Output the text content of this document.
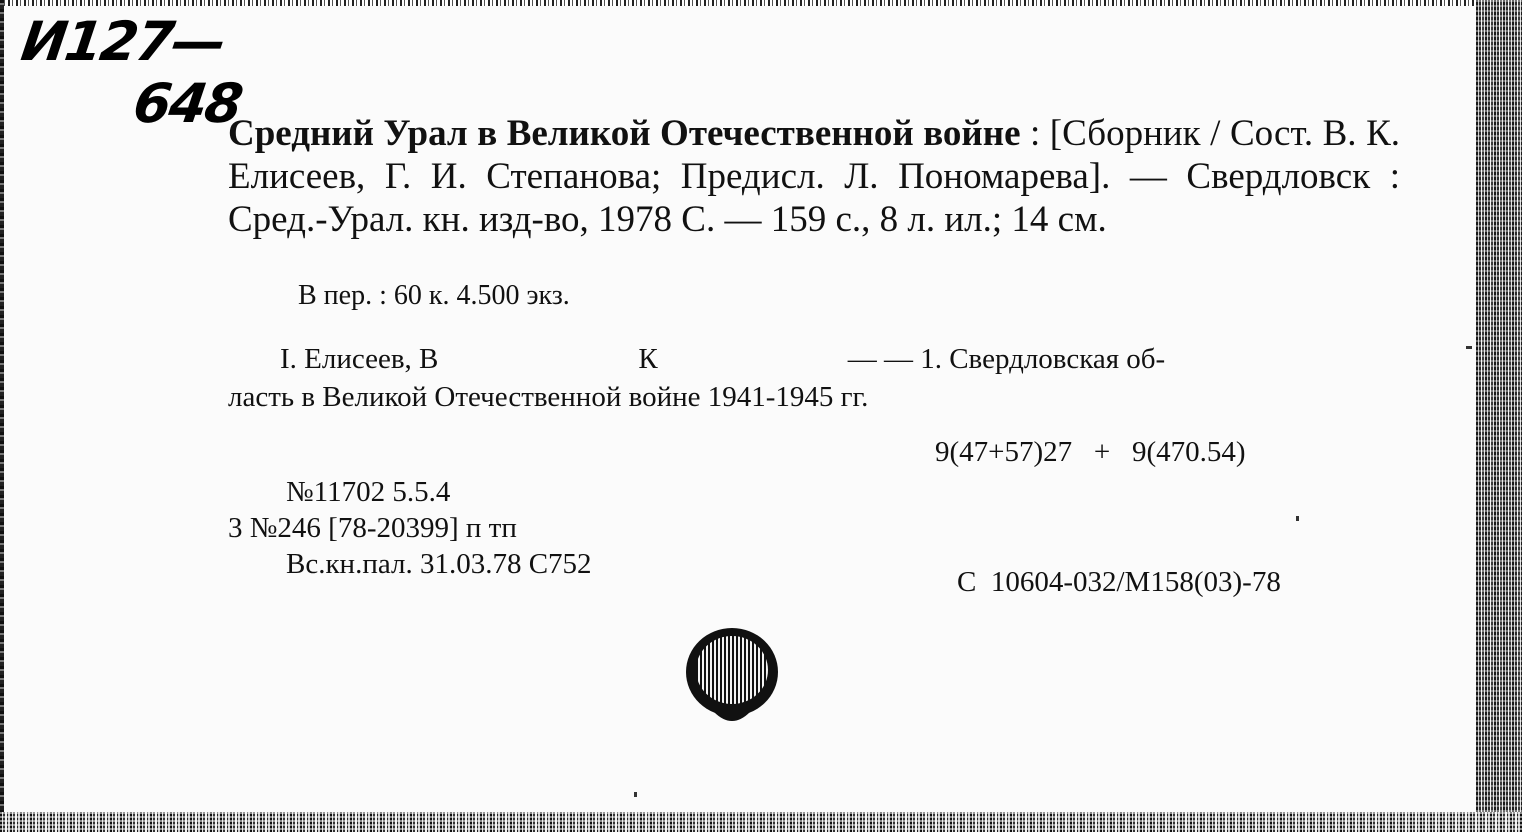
И127—
648
Средний Урал в Великой Отечественной войне : [Сборник / Сост. В. К. Елисеев, Г. И. Степанова; Предисл. Л. Пономарева]. — Свердловск : Сред.-Урал. кн. изд-во, 1978 С. — 159 с., 8 л. ил.; 14 см.
В пер. : 60 к. 4.500 экз.
I. Елисеев, В	К	— — 1. Свердловская об-
ласть в Великой Отечественной войне 1941-1945 гг.
9(47+57)27   +   9(470.54)
№11702 5.5.4
3 №246 [78-20399] п тп
Вс.кн.пал. 31.03.78 С752
С  10604-032/М158(03)-78
